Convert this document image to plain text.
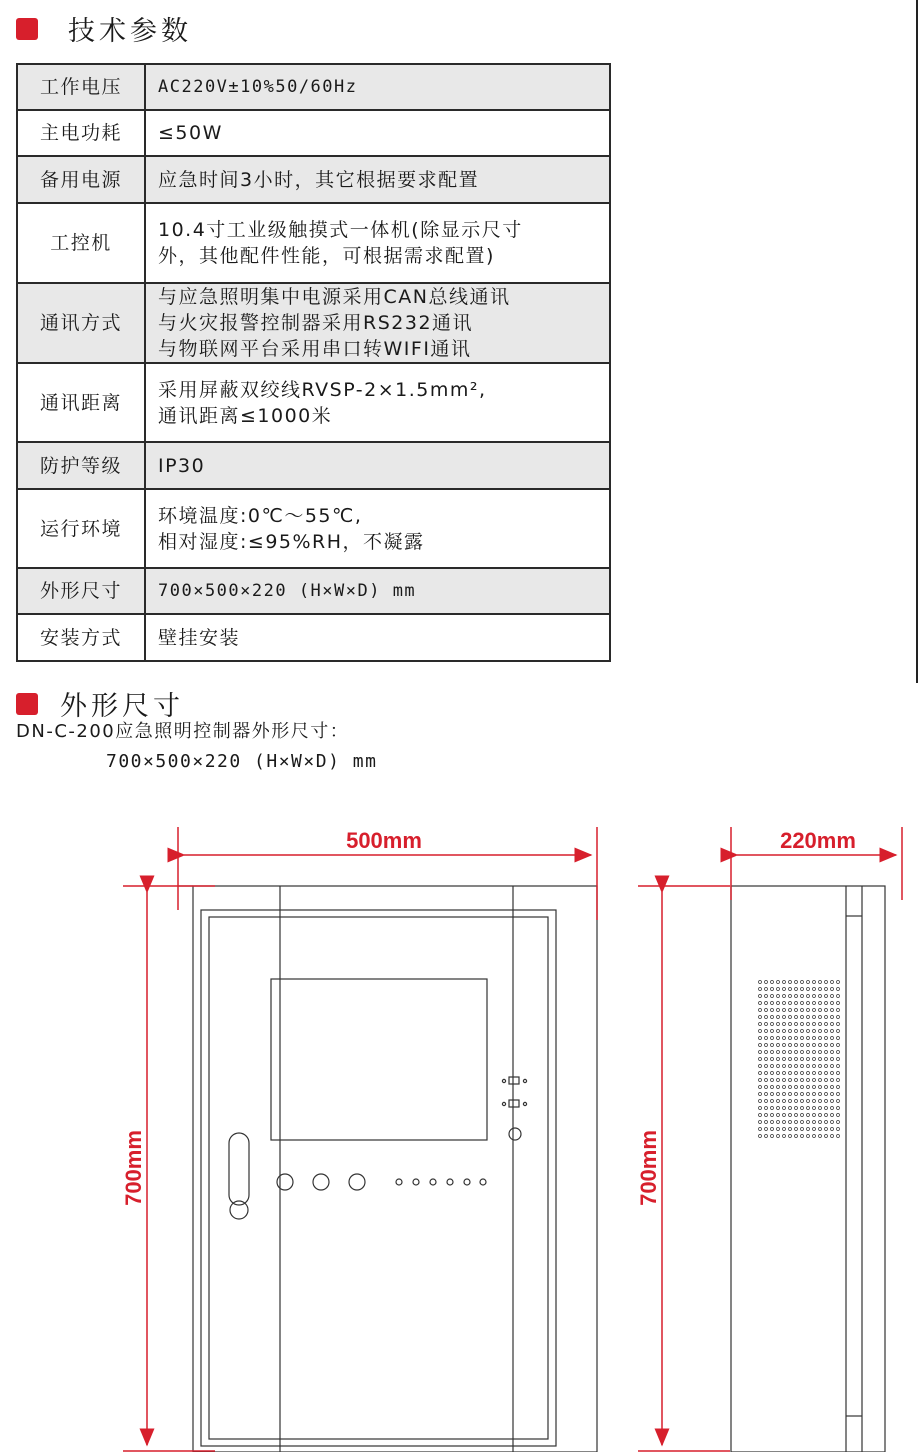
技术参数
工作电压	AC220V±10%50/60Hz

主电功耗	≤50W

备用电源	应急时间3小时，其它根据要求配置

工控机	10.4寸工业级触摸式一体机(除显示尺寸
外，其他配件性能，可根据需求配置)

通讯方式	与应急照明集中电源采用CAN总线通讯
与火灾报警控制器采用RS232通讯
与物联网平台采用串口转WIFI通讯

通讯距离	采用屏蔽双绞线RVSP-2×1.5mm²,
通讯距离≤1000米

防护等级	IP30

运行环境	环境温度:0℃～55℃,
相对湿度:≤95%RH，不凝露

外形尺寸	700×500×220 (H×W×D) mm

安装方式	壁挂安装
外形尺寸
DN-C-200应急照明控制器外形尺寸：
700×500×220 (H×W×D) mm
500mm
700mm
220mm
700mm
